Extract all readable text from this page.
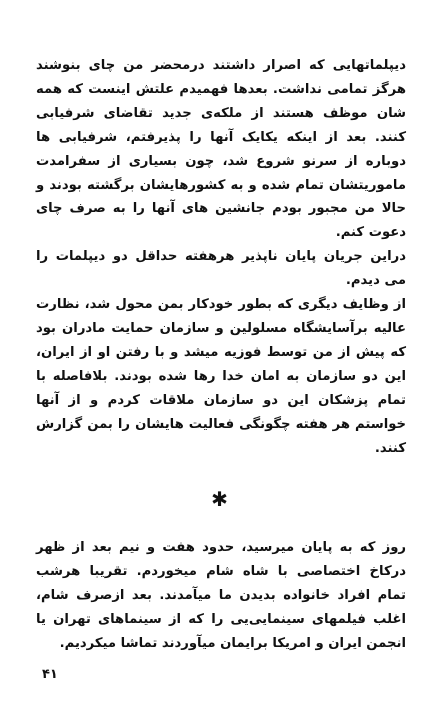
دیپلماتهایی که اصرار داشتند درمحضر من چای بنوشند هرگز تمامی نداشت. بعدها فهمیدم علتش اینست که همه شان موظف هستند از ملکه‌ی جدید تقاضای شرفیابی کنند. بعد از اینکه یکایک آنها را پذیرفتم، شرفیابی ها دوباره از سرنو شروع شد، چون بسیاری از سفرامدت ماموریتشان تمام شده و به کشورهایشان برگشته بودند و حالا من مجبور بودم جانشین های آنها را به صرف چای دعوت کنم.

دراین جریان پایان ناپذیر هرهفته حداقل دو دیپلمات را می دیدم.

از وظایف دیگری که بطور خودکار بمن محول شد، نظارت عالیه برآسایشگاه مسلولین و سازمان حمایت مادران بود که پیش از من توسط فوزیه میشد و با رفتن او از ایران، این دو سازمان به امان خدا رها شده بودند. بلافاصله با تمام پزشکان این دو سازمان ملاقات کردم و از آنها خواستم هر هفته چگونگی فعالیت هایشان را بمن گزارش کنند.

✱

روز که به پایان میرسید، حدود هفت و نیم بعد از ظهر درکاخ اختصاصی با شاه شام میخوردم. تقریبا هرشب تمام افراد خانواده بدیدن ما میآمدند. بعد ازصرف شام، اغلب فیلمهای سینمایی‌یی را که از سینماهای تهران یا انجمن ایران و امریکا برایمان میآوردند تماشا میکردیم.

۴۱
